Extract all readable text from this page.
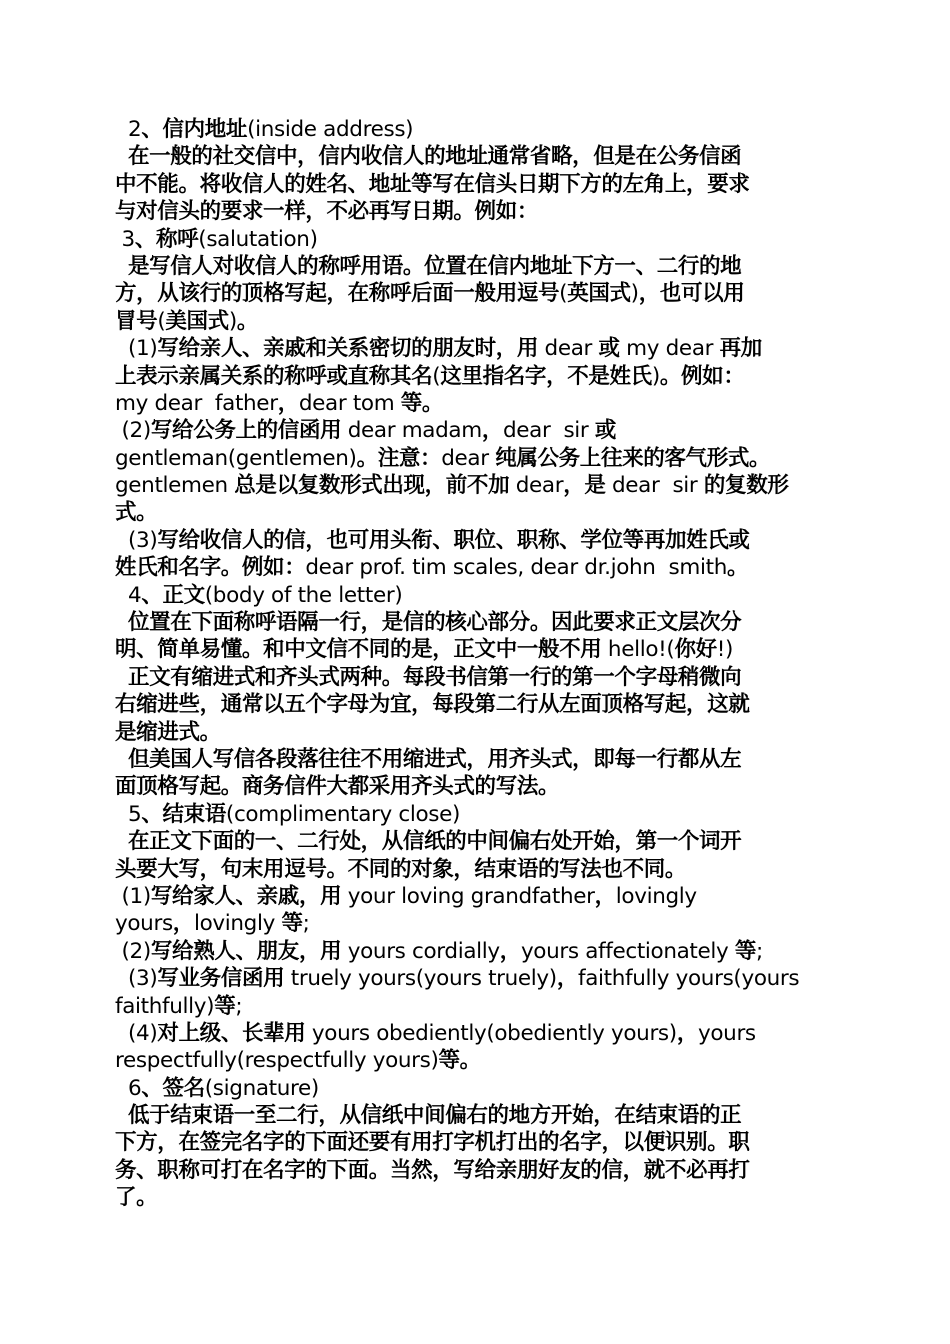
2、信内地址(inside address)
在一般的社交信中，信内收信人的地址通常省略，但是在公务信函
中不能。将收信人的姓名、地址等写在信头日期下方的左角上，要求
与对信头的要求一样，不必再写日期。例如：
3、称呼(salutation)
是写信人对收信人的称呼用语。位置在信内地址下方一、二行的地
方，从该行的顶格写起，在称呼后面一般用逗号(英国式)，也可以用
冒号(美国式)。
(1)写给亲人、亲戚和关系密切的朋友时，用 dear 或 my dear 再加
上表示亲属关系的称呼或直称其名(这里指名字，不是姓氏)。例如：
my dear  father，dear tom 等。
(2)写给公务上的信函用 dear madam，dear  sir 或
gentleman(gentlemen)。注意：dear 纯属公务上往来的客气形式。
gentlemen 总是以复数形式出现，前不加 dear，是 dear  sir 的复数形
式。
(3)写给收信人的信，也可用头衔、职位、职称、学位等再加姓氏或
姓氏和名字。例如：dear prof. tim scales, dear dr.john  smith。
4、正文(body of the letter)
位置在下面称呼语隔一行，是信的核心部分。因此要求正文层次分
明、简单易懂。和中文信不同的是，正文中一般不用 hello!(你好!)
正文有缩进式和齐头式两种。每段书信第一行的第一个字母稍微向
右缩进些，通常以五个字母为宜，每段第二行从左面顶格写起，这就
是缩进式。
但美国人写信各段落往往不用缩进式，用齐头式，即每一行都从左
面顶格写起。商务信件大都采用齐头式的写法。
5、结束语(complimentary close)
在正文下面的一、二行处，从信纸的中间偏右处开始，第一个词开
头要大写，句末用逗号。不同的对象，结束语的写法也不同。
(1)写给家人、亲戚，用 your loving grandfather，lovingly
yours，lovingly 等;
(2)写给熟人、朋友，用 yours cordially，yours affectionately 等;
(3)写业务信函用 truely yours(yours truely)，faithfully yours(yours
faithfully)等;
(4)对上级、长辈用 yours obediently(obediently yours)，yours
respectfully(respectfully yours)等。
6、签名(signature)
低于结束语一至二行，从信纸中间偏右的地方开始，在结束语的正
下方，在签完名字的下面还要有用打字机打出的名字，以便识别。职
务、职称可打在名字的下面。当然，写给亲朋好友的信，就不必再打
了。
